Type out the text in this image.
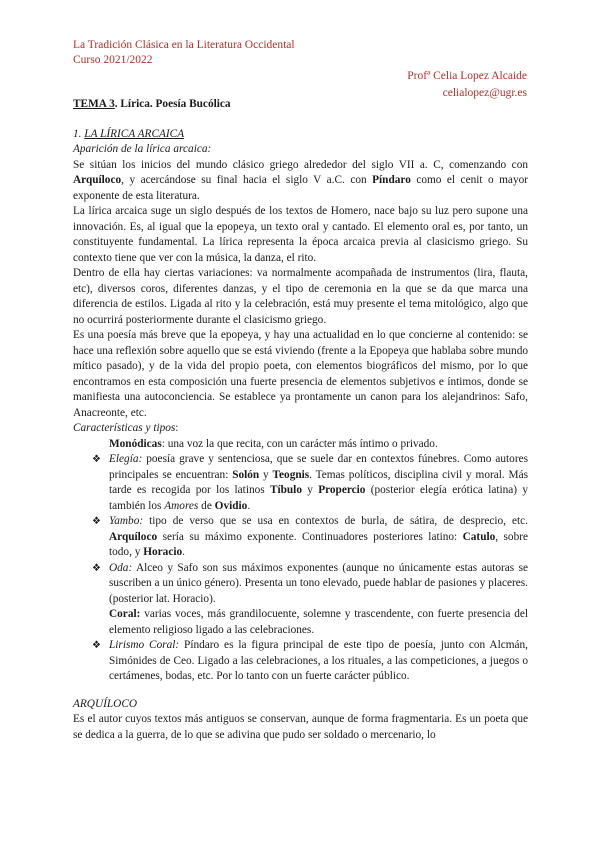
La Tradición Clásica en la Literatura Occidental
Curso 2021/2022
Profª Celia Lopez Alcaide
celialopez@ugr.es
TEMA 3. Lírica. Poesía Bucólica
1. LA LÍRICA ARCAICA
Aparición de la lírica arcaica:

Se sitúan los inicios del mundo clásico griego alrededor del siglo VII a. C, comenzando con Arquíloco, y acercándose su final hacia el siglo V a.C. con Píndaro como el cenit o mayor exponente de esta literatura.

La lírica arcaica suge un siglo después de los textos de Homero, nace bajo su luz pero supone una innovación. Es, al igual que la epopeya, un texto oral y cantado. El elemento oral es, por tanto, un constituyente fundamental. La lírica representa la época arcaica previa al clasicismo griego. Su contexto tiene que ver con la música, la danza, el rito.

Dentro de ella hay ciertas variaciones: va normalmente acompañada de instrumentos (lira, flauta, etc), diversos coros, diferentes danzas, y el tipo de ceremonia en la que se da que marca una diferencia de estilos. Ligada al rito y la celebración, está muy presente el tema mitológico, algo que no ocurrirá posteriormente durante el clasicismo griego.

Es una poesía más breve que la epopeya, y hay una actualidad en lo que concierne al contenido: se hace una reflexión sobre aquello que se está viviendo (frente a la Epopeya que hablaba sobre mundo mítico pasado), y de la vida del propio poeta, con elementos biográficos del mismo, por lo que encontramos en esta composición una fuerte presencia de elementos subjetivos e íntimos, donde se manifiesta una autoconciencia. Se establece ya prontamente un canon para los alejandrinos: Safo, Anacreonte, etc.

Características y tipos:
Monódicas: una voz la que recita, con un carácter más íntimo o privado.
❖ Elegía: poesía grave y sentenciosa, que se suele dar en contextos fúnebres. Como autores principales se encuentran: Solón y Teognis. Temas políticos, disciplina civil y moral. Más tarde es recogida por los latinos Tíbulo y Propercio (posterior elegía erótica latina) y también los Amores de Ovidio.
❖ Yambo: tipo de verso que se usa en contextos de burla, de sátira, de desprecio, etc. Arquíloco sería su máximo exponente. Continuadores posteriores latino: Catulo, sobre todo, y Horacio.
❖ Oda: Alceo y Safo son sus máximos exponentes (aunque no únicamente estas autoras se suscriben a un único género). Presenta un tono elevado, puede hablar de pasiones y placeres. (posterior lat. Horacio).
Coral: varias voces, más grandilocuente, solemne y trascendente, con fuerte presencia del elemento religioso ligado a las celebraciones.
❖ Lirismo Coral: Píndaro es la figura principal de este tipo de poesía, junto con Alcmán, Simónides de Ceo. Ligado a las celebraciones, a los rituales, a las competiciones, a juegos o certámenes, bodas, etc. Por lo tanto con un fuerte carácter público.
ARQUÍLOCO

Es el autor cuyos textos más antiguos se conservan, aunque de forma fragmentaria. Es un poeta que se dedica a la guerra, de lo que se adivina que pudo ser soldado o mercenario, lo
